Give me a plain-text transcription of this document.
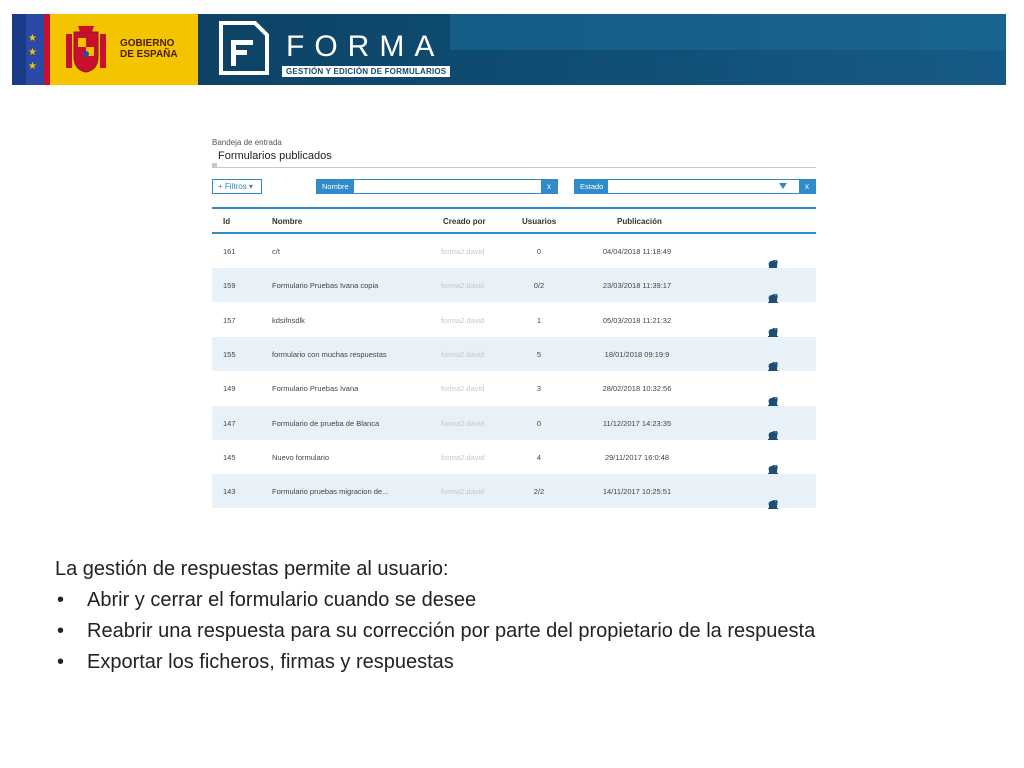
★
★
★
GOBIERNO
DE ESPAÑA	FORMA
GESTIÓN Y EDICIÓN DE FORMULARIOS
Bandeja de entrada
Formularios publicados
+ Filtros ▾	Nombre	x	Estado	x
Id	Nombre	Creado por	Usuarios	Publicación
161	c/t	forma2.david	0	04/04/2018 11:18:49
159	Formulario Pruebas Ivana copia	forma2.david	0/2	23/03/2018 11:39:17
157	kdsifnsdlk	forma2.david	1	05/03/2018 11:21:32
155	formulario con muchas respuestas	forma2.david	5	18/01/2018 09:19:9
149	Formulario Pruebas Ivana	forma2.david	3	28/02/2018 10:32:56
147	Formulario de prueba de Blanca	forma2.david	0	11/12/2017 14:23:35
145	Nuevo formulario	forma2.david	4	29/11/2017 16:0:48
143	Formulario pruebas migracion de...	forma2.david	2/2	14/11/2017 10:25:51
La gestión de respuestas permite al usuario:
• Abrir y cerrar el formulario cuando se desee
• Reabrir una respuesta para su corrección por parte del propietario de la respuesta
• Exportar los ficheros, firmas y respuestas
